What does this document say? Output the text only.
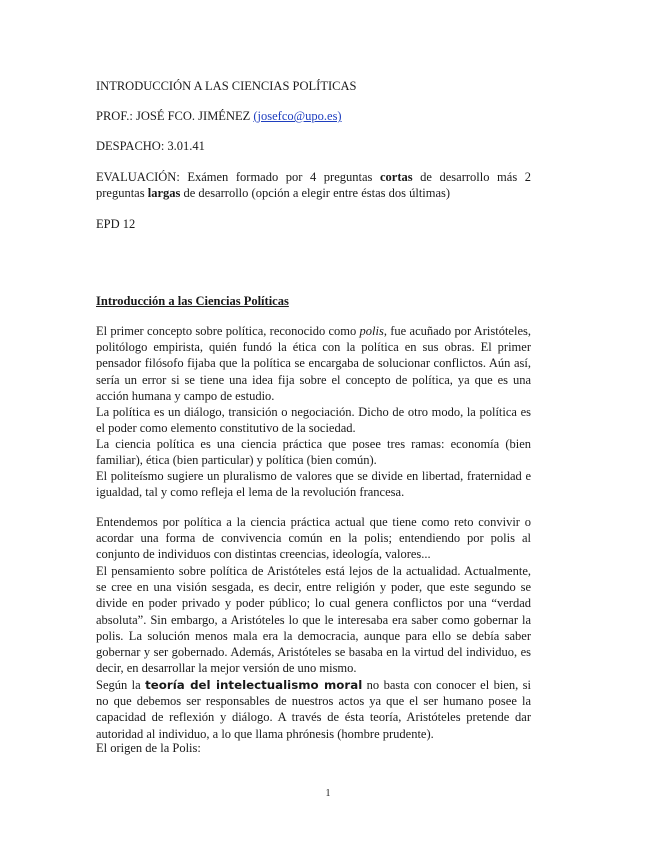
INTRODUCCIÓN A LAS CIENCIAS POLÍTICAS
PROF.: JOSÉ FCO. JIMÉNEZ (josefco@upo.es)
DESPACHO: 3.01.41
EVALUACIÓN: Exámen formado por 4 preguntas cortas de desarrollo más 2 preguntas largas de desarrollo (opción a elegir entre éstas dos últimas)
EPD 12
Introducción a las Ciencias Políticas
El primer concepto sobre política, reconocido como polis, fue acuñado por Aristóteles, politólogo empirista, quién fundó la ética con la política en sus obras. El primer pensador filósofo fijaba que la política se encargaba de solucionar conflictos. Aún así, sería un error si se tiene una idea fija sobre el concepto de política, ya que es una acción humana y campo de estudio.
La política es un diálogo, transición o negociación. Dicho de otro modo, la política es el poder como elemento constitutivo de la sociedad.
La ciencia política es una ciencia práctica que posee tres ramas: economía (bien familiar), ética (bien particular) y política (bien común).
El politeísmo sugiere un pluralismo de valores que se divide en libertad, fraternidad e igualdad, tal y como refleja el lema de la revolución francesa.
Entendemos por política a la ciencia práctica actual que tiene como reto convivir o acordar una forma de convivencia común en la polis; entendiendo por polis al conjunto de individuos con distintas creencias, ideología, valores...
El pensamiento sobre política de Aristóteles está lejos de la actualidad. Actualmente, se cree en una visión sesgada, es decir, entre religión y poder, que este segundo se divide en poder privado y poder público; lo cual genera conflictos por una “verdad absoluta”. Sin embargo, a Aristóteles lo que le interesaba era saber como gobernar la polis. La solución menos mala era la democracia, aunque para ello se debía saber gobernar y ser gobernado. Además, Aristóteles se basaba en la virtud del individuo, es decir, en desarrollar la mejor versión de uno mismo.
Según la teoría del intelectualismo moral no basta con conocer el bien, si no que debemos ser responsables de nuestros actos ya que el ser humano posee la capacidad de reflexión y diálogo. A través de ésta teoría, Aristóteles pretende dar autoridad al individuo, a lo que llama phrónesis (hombre prudente).
El origen de la Polis:
1
